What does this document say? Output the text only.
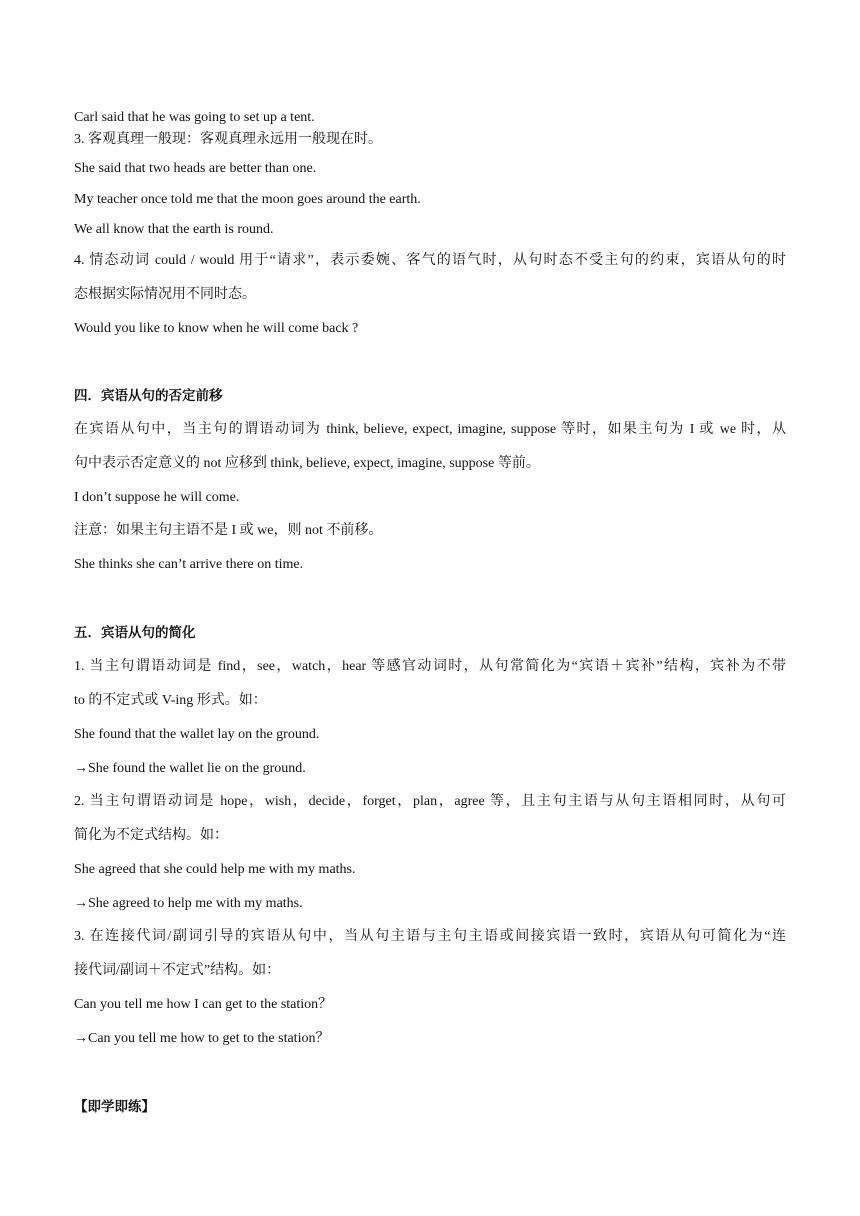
Carl said that he was going to set up a tent.
3. 客观真理一般现：客观真理永远用一般现在时。
She said that two heads are better than one.
My teacher once told me that the moon goes around the earth.
We all know that the earth is round.
4. 情态动词 could / would 用于“请求”，表示委婉、客气的语气时，从句时态不受主句的约束，宾语从句的时
态根据实际情况用不同时态。
Would you like to know when he will come back ?
四．宾语从句的否定前移
在宾语从句中，当主句的谓语动词为 think, believe, expect, imagine, suppose 等时，如果主句为 I 或 we 时，从
句中表示否定意义的 not 应移到 think, believe, expect, imagine, suppose 等前。
I don’t suppose he will come.
注意：如果主句主语不是 I 或 we，则 not 不前移。
She thinks she can’t arrive there on time.
五．宾语从句的简化
1. 当主句谓语动词是 find，see，watch，hear 等感官动词时，从句常简化为“宾语＋宾补”结构，宾补为不带
to 的不定式或 V-ing 形式。如：
She found that the wallet lay on the ground.
→She found the wallet lie on the ground.
2. 当主句谓语动词是 hope，wish，decide，forget，plan，agree 等，且主句主语与从句主语相同时，从句可
简化为不定式结构。如：
She agreed that she could help me with my maths.
→She agreed to help me with my maths.
3. 在连接代词/副词引导的宾语从句中，当从句主语与主句主语或间接宾语一致时，宾语从句可简化为“连
接代词/副词＋不定式”结构。如：
Can you tell me how I can get to the station？
→Can you tell me how to get to the station？
【即学即练】
